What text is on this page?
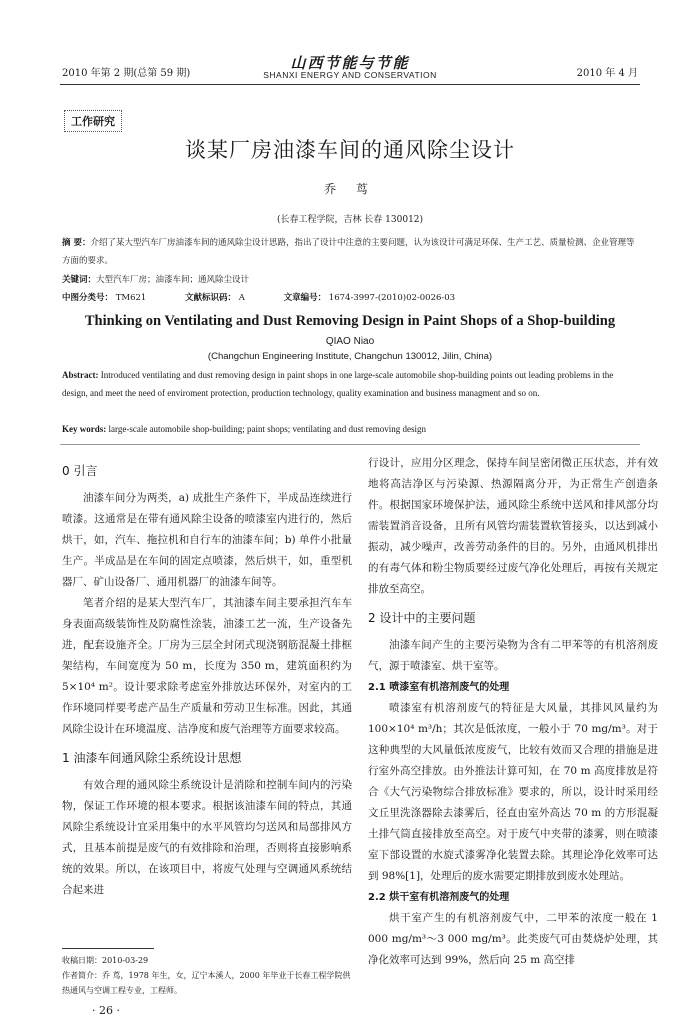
2010 年第 2 期(总第 59 期)
山西节能与节能
SHANXI ENERGY AND CONSERVATION	2010 年 4 月
工作研究
谈某厂房油漆车间的通风除尘设计
乔 茑
(长春工程学院，吉林 长春 130012)
摘 要：介绍了某大型汽车厂房油漆车间的通风除尘设计思路，指出了设计中注意的主要问题，认为该设计可满足环保、生产工艺、质量检测、企业管理等方面的要求。
关键词：大型汽车厂房；油漆车间；通风除尘设计
中图分类号： TM621	文献标识码： A	文章编号： 1674-3997-(2010)02-0026-03
Thinking on Ventilating and Dust Removing Design in Paint Shops of a Shop-building
QIAO Niao
(Changchun Engineering Institute, Changchun 130012, Jilin, China)
Abstract: Introduced ventilating and dust removing design in paint shops in one large-scale automobile shop-building points out leading problems in the design, and meet the need of enviroment protection, production technology, quality examination and business managment and so on.
Key words: large-scale automobile shop-building; paint shops; ventilating and dust removing design
0 引言

油漆车间分为两类，a) 成批生产条件下，半成品连续进行喷漆。这通常是在带有通风除尘设备的喷漆室内进行的，然后烘干，如，汽车、拖拉机和自行车的油漆车间；b) 单件小批量生产。半成品是在车间的固定点喷漆，然后烘干，如，重型机器厂、矿山设备厂、通用机器厂的油漆车间等。

笔者介绍的是某大型汽车厂，其油漆车间主要承担汽车车身表面高级装饰性及防腐性涂装，油漆工艺一流，生产设备先进，配套设施齐全。厂房为三层全封闭式现浇钢筋混凝土排框架结构，车间宽度为 50 m，长度为 350 m，建筑面积约为 5×10⁴ m²。设计要求除考虑室外排放达环保外，对室内的工作环境同样要考虑产品生产质量和劳动卫生标准。因此，其通风除尘设计在环境温度、洁净度和废气治理等方面要求较高。

1 油漆车间通风除尘系统设计思想

有效合理的通风除尘系统设计是消除和控制车间内的污染物，保证工作环境的根本要求。根据该油漆车间的特点，其通风除尘系统设计宜采用集中的水平风管均匀送风和局部排风方式，且基本前提是废气的有效排除和治理，否则将直接影响系统的效果。所以，在该项目中，将废气处理与空调通风系统结合起来进

行设计，应用分区理念，保持车间呈密闭微正压状态，并有效地将高洁净区与污染源、热源隔离分开，为正常生产创造条件。根据国家环境保护法，通风除尘系统中送风和排风部分均需装置消音设备，且所有风管均需装置软管接头，以达到减小振动，减少噪声，改善劳动条件的目的。另外，由通风机排出的有毒气体和粉尘物质要经过废气净化处理后，再按有关规定排放至高空。

2 设计中的主要问题

油漆车间产生的主要污染物为含有二甲苯等的有机溶剂废气，源于喷漆室、烘干室等。

2.1 喷漆室有机溶剂废气的处理

喷漆室有机溶剂废气的特征是大风量，其排风风量约为 100×10⁴ m³/h；其次是低浓度，一般小于 70 mg/m³。对于这种典型的大风量低浓度废气，比较有效而又合理的措施是进行室外高空排放。由外推法计算可知，在 70 m 高度排放是符合《大气污染物综合排放标准》要求的，所以，设计时采用经文丘里洗涤器除去漆雾后，径直由室外高达 70 m 的方形混凝土排气筒直接排放至高空。对于废气中夹带的漆雾，则在喷漆室下部设置的水旋式漆雾净化装置去除。其理论净化效率可达到 98%[1]，处理后的废水需要定期排放到废水处理站。

2.2 烘干室有机溶剂废气的处理

烘干室产生的有机溶剂废气中，二甲苯的浓度一般在 1 000 mg/m³～3 000 mg/m³。此类废气可由焚烧炉处理，其净化效率可达到 99%，然后向 25 m 高空排

收稿日期：2010-03-29
作者简介：乔 茑，1978 年生，女，辽宁本溪人，2000 年毕业于长春工程学院供热通风与空调工程专业，工程师。
· 26 ·
